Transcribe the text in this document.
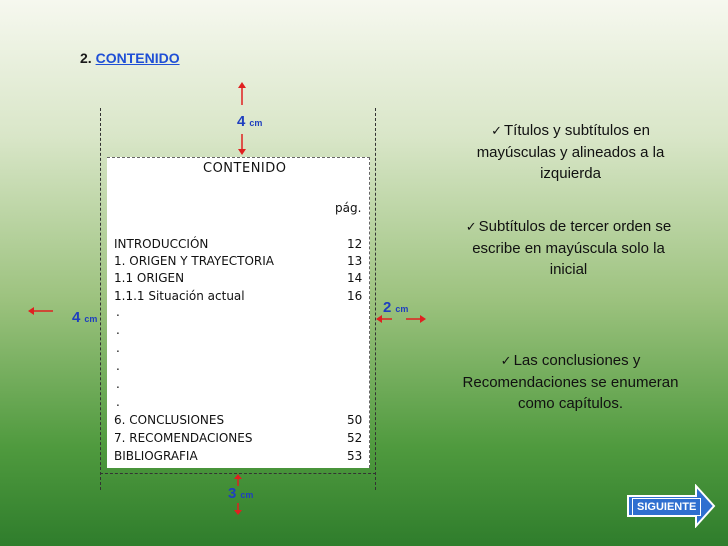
2. CONTENIDO
CONTENIDO
pág.
INTRODUCCIÓN	12
1. ORIGEN Y TRAYECTORIA	13
1.1 ORIGEN	14
1.1.1 Situación actual	16
.
.
.
.
.
.
6. CONCLUSIONES	50
7. RECOMENDACIONES	52
BIBLIOGRAFIA	53
4 cm
4 cm
2 cm
3 cm
✓ Títulos y subtítulos en mayúsculas y alineados a la izquierda
✓ Subtítulos de tercer orden se escribe en mayúscula solo la inicial
✓ Las conclusiones y Recomendaciones se enumeran como capítulos.
SIGUIENTE
